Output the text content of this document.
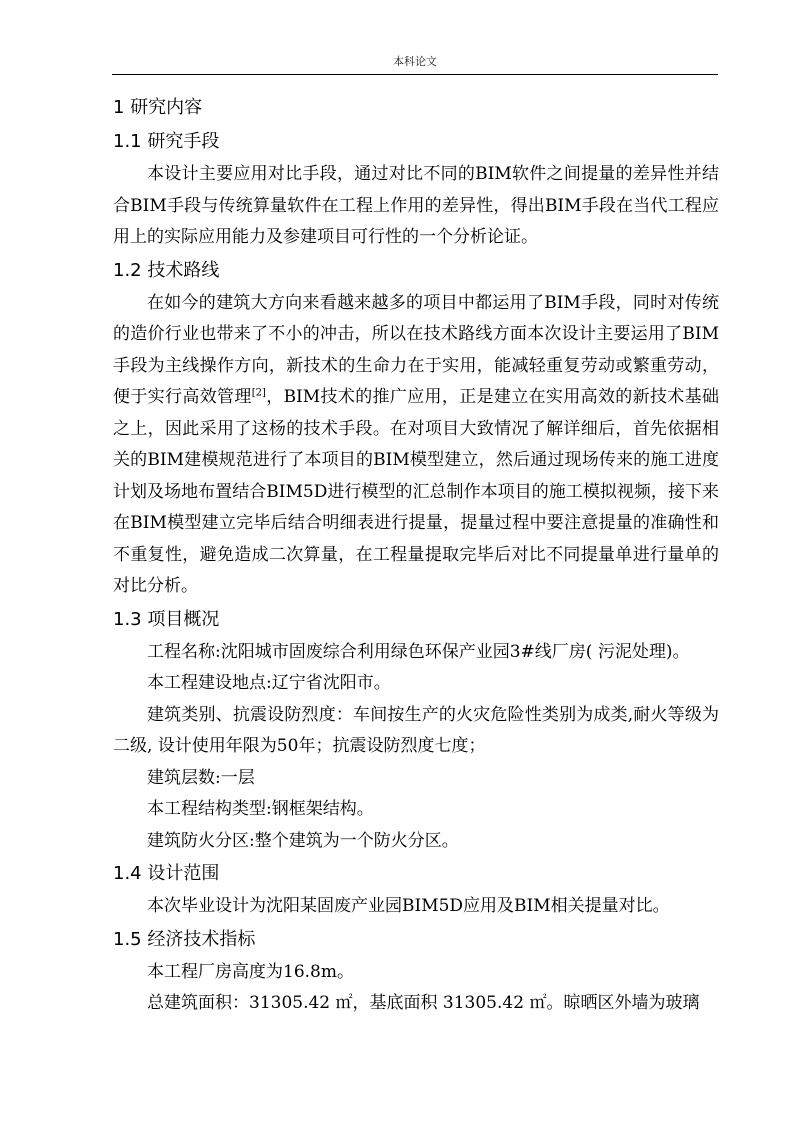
本科论文
1 研究内容
1.1 研究手段

本设计主要应用对比手段，通过对比不同的BIM软件之间提量的差异性并结合BIM手段与传统算量软件在工程上作用的差异性，得出BIM手段在当代工程应用上的实际应用能力及参建项目可行性的一个分析论证。

1.2 技术路线

在如今的建筑大方向来看越来越多的项目中都运用了BIM手段，同时对传统的造价行业也带来了不小的冲击，所以在技术路线方面本次设计主要运用了BIM手段为主线操作方向，新技术的生命力在于实用，能减轻重复劳动或繁重劳动，便于实行高效管理[2]，BIM技术的推广应用，正是建立在实用高效的新技术基础之上，因此采用了这杨的技术手段。在对项目大致情况了解详细后，首先依据相关的BIM建模规范进行了本项目的BIM模型建立，然后通过现场传来的施工进度计划及场地布置结合BIM5D进行模型的汇总制作本项目的施工模拟视频，接下来在BIM模型建立完毕后结合明细表进行提量，提量过程中要注意提量的准确性和不重复性，避免造成二次算量，在工程量提取完毕后对比不同提量单进行量单的对比分析。

1.3 项目概况

工程名称:沈阳城市固废综合利用绿色环保产业园3#线厂房( 污泥处理)。

本工程建设地点:辽宁省沈阳市。

建筑类别、抗震设防烈度：车间按生产的火灾危险性类别为成类,耐火等级为二级, 设计使用年限为50年；抗震设防烈度七度；

建筑层数:一层

本工程结构类型:钢框架结构。

建筑防火分区:整个建筑为一个防火分区。

1.4 设计范围

本次毕业设计为沈阳某固废产业园BIM5D应用及BIM相关提量对比。

1.5 经济技术指标

本工程厂房高度为16.8m。

总建筑面积：31305.42 ㎡，基底面积 31305.42 ㎡。晾晒区外墙为玻璃
